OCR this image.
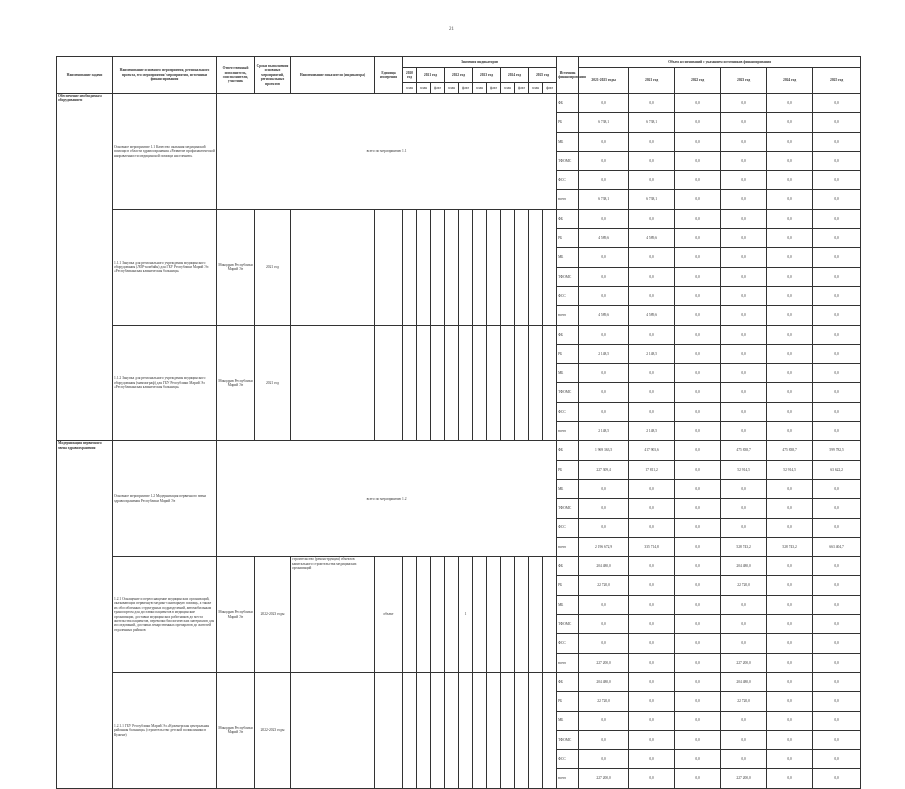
21
Наименование задачи	Наименование основного мероприятия, регионального проекта, его мероприятия/ мероприятия, источники финансирования	Ответственный исполнитель, соисполнители, участник	Сроки выполнения основных мероприятий, региональных проектов	Наименование показателя (индикатора)	Единица измерения	Значения индикаторов											Источник финансирования	Объем ассигнований с указанием источников финансирования					
						2020 год	2021 год		2022 год		2023 год		2024 год		2025 год			2021-2025 годы	2021 год	2022 год	2023 год	2024 год	2025 год
						план	план	факт	план	факт	план	факт	план	факт	план	факт							
Обеспечение необходимым оборудованием	Основное мероприятие 1.1 Качество оказания медицинской помощи в области здравоохранения «Развитие профилактической направленности медицинской помощи населению»	всего по мероприятию 1.1															ФБ	0,0	0,0	0,0	0,0	0,0	0,0
																	РБ	6 738,1	6 738,1	0,0	0,0	0,0	0,0
																	МБ	0,0	0,0	0,0	0,0	0,0	0,0
																	ТФОМС	0,0	0,0	0,0	0,0	0,0	0,0
																	ФСС	0,0	0,0	0,0	0,0	0,0	0,0
																	всего	6 738,1	6 738,1	0,0	0,0	0,0	0,0
	1.1.1 Закупка для регионального учреждения медицинского оборудования (ЛОР-комбайн) для ГБУ Республики Марий Эл «Республиканская клиническая больница»	Минздрав Республики Марий Эл	2021 год														ФБ	0,0	0,0	0,0	0,0	0,0	0,0
																	РБ	4 589,6	4 589,6	0,0	0,0	0,0	0,0
																	МБ	0,0	0,0	0,0	0,0	0,0	0,0
																	ТФОМС	0,0	0,0	0,0	0,0	0,0	0,0
																	ФСС	0,0	0,0	0,0	0,0	0,0	0,0
																	всего	4 589,6	4 589,6	0,0	0,0	0,0	0,0
	1.1.2 Закупка для регионального учреждения медицинского оборудования (маммограф) для ГБУ Республики Марий Эл «Республиканская клиническая больница»	Минздрав Республики Марий Эл	2021 год														ФБ	0,0	0,0	0,0	0,0	0,0	0,0
																	РБ	2 148,5	2 148,5	0,0	0,0	0,0	0,0
																	МБ	0,0	0,0	0,0	0,0	0,0	0,0
																	ТФОМС	0,0	0,0	0,0	0,0	0,0	0,0
																	ФСС	0,0	0,0	0,0	0,0	0,0	0,0
																	всего	2 148,5	2 148,5	0,0	0,0	0,0	0,0
Модернизация первичного звена здравоохранения	Основное мероприятие 1.2 Модернизация первичного звена здравоохранения Республики Марий Эл	всего по мероприятию 1.2															ФБ	1 969 363,5	417 903,6	0,0	475 838,7	475 838,7	599 782,5
																	РБ	227 309,4	17 811,2	0,0	52 914,5	52 914,5	63 622,2
																	МБ	0,0	0,0	0,0	0,0	0,0	0,0
																	ТФОМС	0,0	0,0	0,0	0,0	0,0	0,0
																	ФСС	0,0	0,0	0,0	0,0	0,0	0,0
																	всего	2 196 672,9	335 714,8	0,0	528 743,2	528 743,2	663 404,7
	1.2.1 Оснащение и переоснащение медицинских организаций, оказывающих первичную медико-санитарную помощь, а также их обособленных структурных подразделений, автомобильным транспортом для доставки пациентов в медицинские организации, доставки медицинских работников до места жительства пациентов, перевозки биологических материалов для исследований, доставки лекарственных препаратов до жителей отдаленных районов	Минздрав Республики Марий Эл	2022-2023 годы	строительство (реконструкция) объектов капитального строительства медицинских организаций	объект					1							ФБ	204 480,0	0,0	0,0	204 480,0	0,0	0,0
																	РБ	22 720,0	0,0	0,0	22 720,0	0,0	0,0
																	МБ	0,0	0,0	0,0	0,0	0,0	0,0
																	ТФОМС	0,0	0,0	0,0	0,0	0,0	0,0
																	ФСС	0,0	0,0	0,0	0,0	0,0	0,0
																	всего	227 200,0	0,0	0,0	227 200,0	0,0	0,0
	1.2.1.1 ГБУ Республики Марий Эл «Куженерская центральная районная больница» (строительство детской поликлиники в Кужене)	Минздрав Республики Марий Эл	2022-2023 годы														ФБ	204 480,0	0,0	0,0	204 480,0	0,0	0,0
																	РБ	22 720,0	0,0	0,0	22 720,0	0,0	0,0
																	МБ	0,0	0,0	0,0	0,0	0,0	0,0
																	ТФОМС	0,0	0,0	0,0	0,0	0,0	0,0
																	ФСС	0,0	0,0	0,0	0,0	0,0	0,0
																	всего	227 200,0	0,0	0,0	227 200,0	0,0	0,0
